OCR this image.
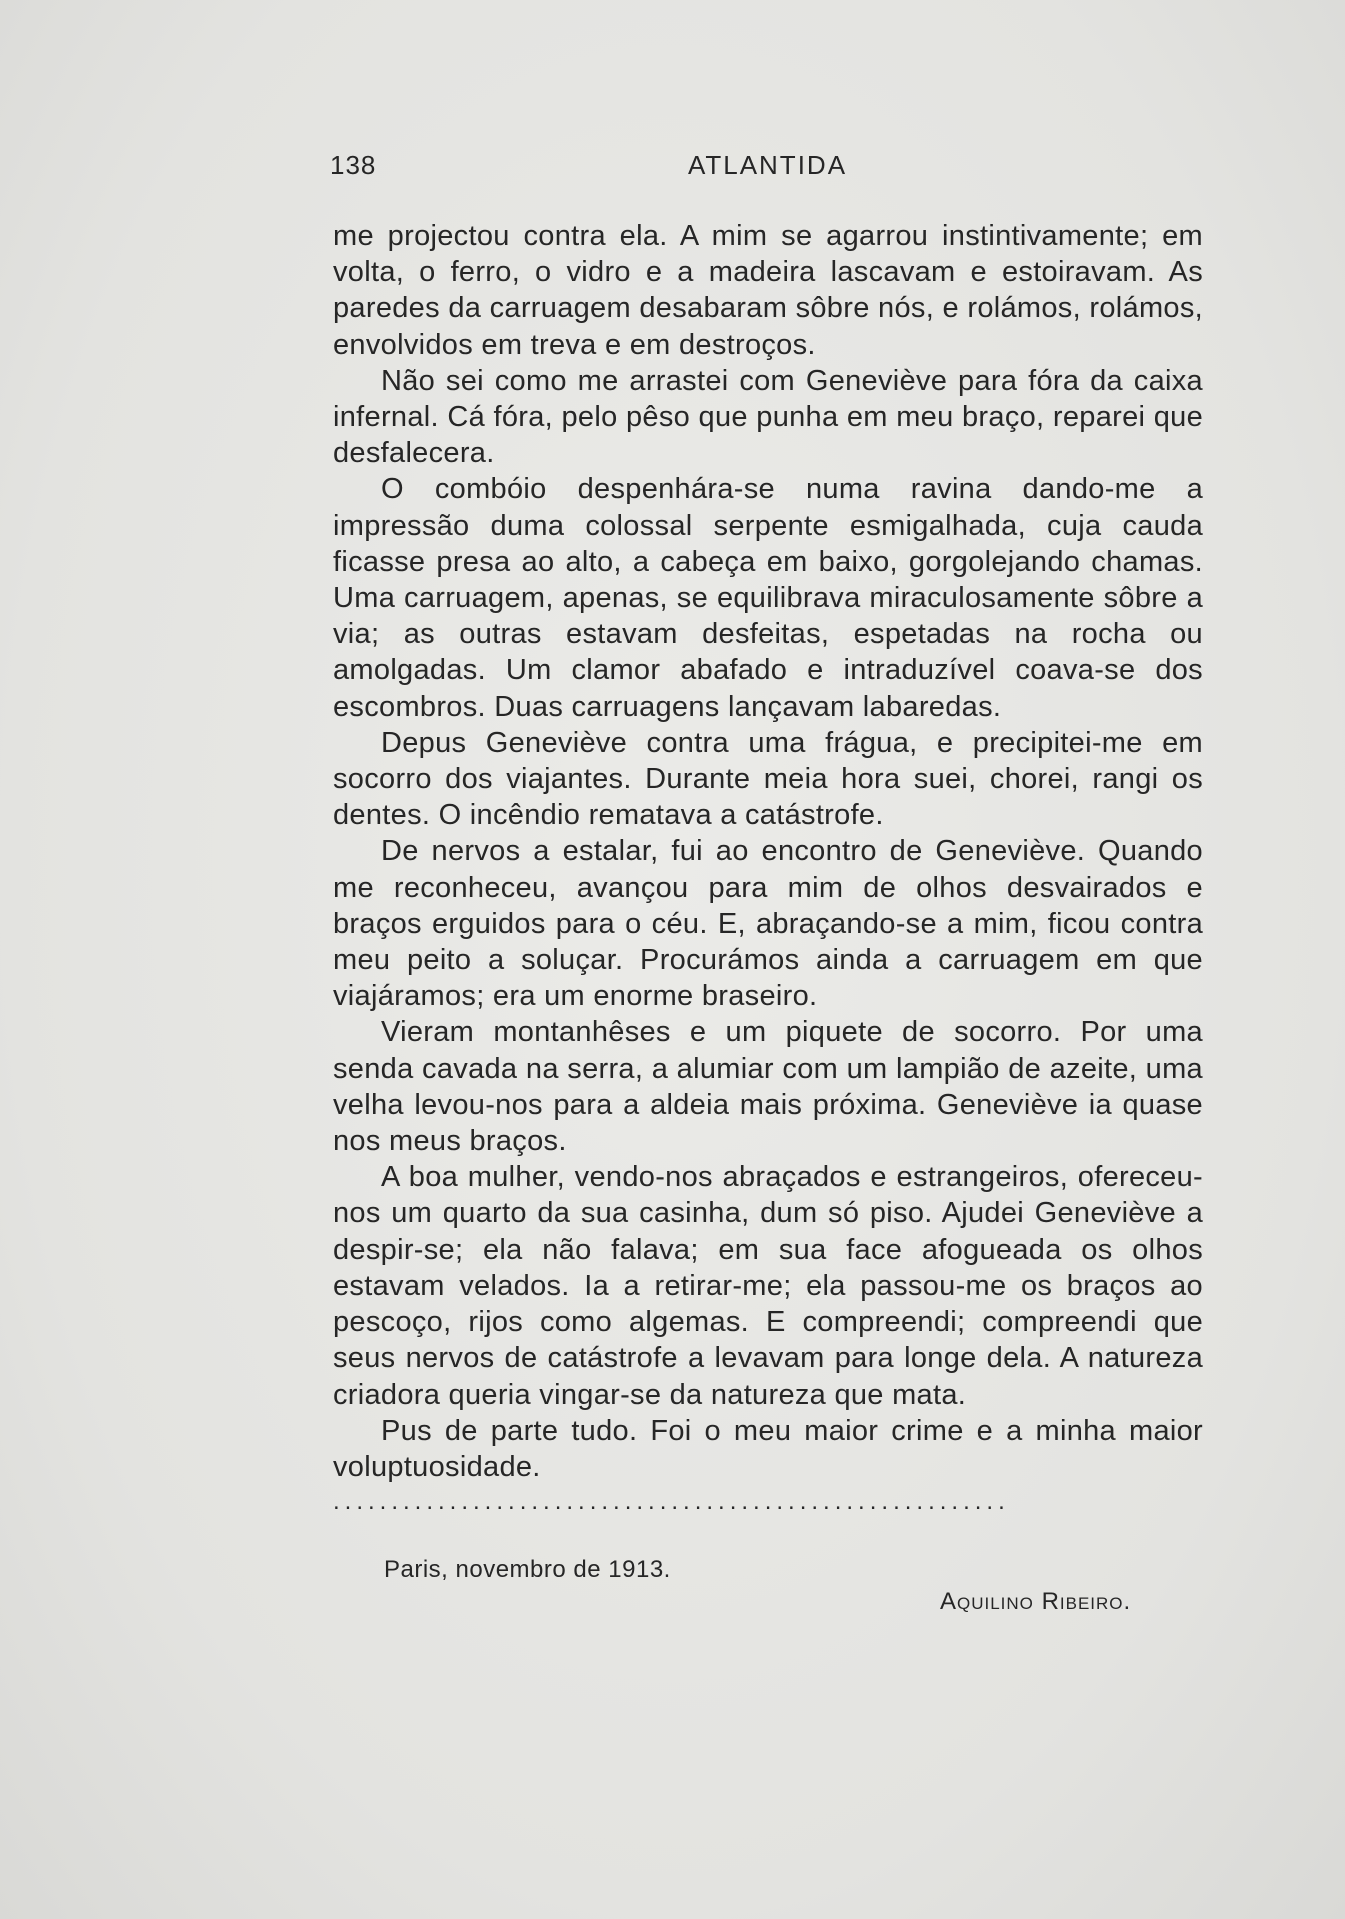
138	ATLANTIDA

me projectou contra ela. A mim se agarrou instintivamente; em volta, o ferro, o vidro e a madeira lascavam e estoiravam. As paredes da carruagem desabaram sôbre nós, e rolámos, rolámos, envolvidos em treva e em destroços.

Não sei como me arrastei com Geneviève para fóra da caixa infernal. Cá fóra, pelo pêso que punha em meu braço, reparei que desfalecera.

O combóio despenhára-se numa ravina dando-me a impressão duma colossal serpente esmigalhada, cuja cauda ficasse presa ao alto, a cabeça em baixo, gorgolejando chamas. Uma carruagem, apenas, se equilibrava miraculosamente sôbre a via; as outras estavam desfeitas, espetadas na rocha ou amolgadas. Um clamor abafado e intraduzível coava-se dos escombros. Duas carruagens lançavam labaredas.

Depus Geneviève contra uma frágua, e precipitei-me em socorro dos viajantes. Durante meia hora suei, chorei, rangi os dentes. O incêndio rematava a catástrofe.

De nervos a estalar, fui ao encontro de Geneviève. Quando me reconheceu, avançou para mim de olhos desvairados e braços erguidos para o céu. E, abraçando-se a mim, ficou contra meu peito a soluçar. Procurámos ainda a carruagem em que viajáramos; era um enorme braseiro.

Vieram montanhêses e um piquete de socorro. Por uma senda cavada na serra, a alumiar com um lampião de azeite, uma velha levou-nos para a aldeia mais próxima. Geneviève ia quase nos meus braços.

A boa mulher, vendo-nos abraçados e estrangeiros, ofereceu-nos um quarto da sua casinha, dum só piso. Ajudei Geneviève a despir-se; ela não falava; em sua face afogueada os olhos estavam velados. Ia a retirar-me; ela passou-me os braços ao pescoço, rijos como algemas. E compreendi; compreendi que seus nervos de catástrofe a levavam para longe dela. A natureza criadora queria vingar-se da natureza que mata.

Pus de parte tudo. Foi o meu maior crime e a minha maior voluptuosidade.

..........................................................
Paris, novembro de 1913.
Aquilino Ribeiro.
